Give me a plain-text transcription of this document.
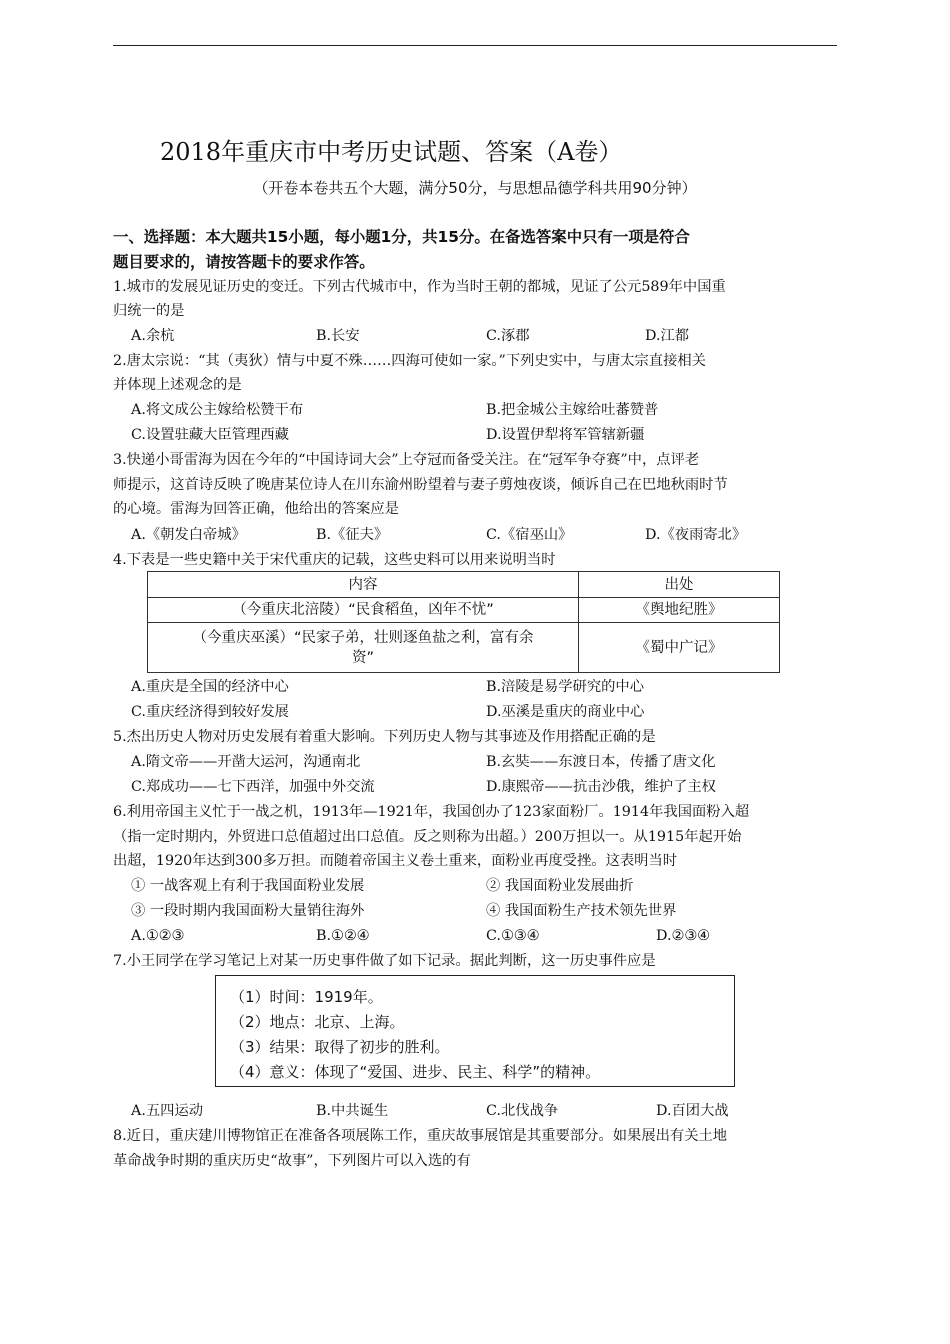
2018年重庆市中考历史试题、答案（A卷）
（开卷本卷共五个大题，满分50分，与思想品德学科共用90分钟）
一、选择题：本大题共15小题，每小题1分，共15分。在备选答案中只有一项是符合
题目要求的，请按答题卡的要求作答。
1.城市的发展见证历史的变迁。下列古代城市中，作为当时王朝的都城，见证了公元589年中国重
归统一的是
A.余杭	B.长安	C.涿郡	D.江都
2.唐太宗说：“其（夷狄）情与中夏不殊……四海可使如一家。”下列史实中，与唐太宗直接相关
并体现上述观念的是
A.将文成公主嫁给松赞干布	B.把金城公主嫁给吐蕃赞普
C.设置驻藏大臣管理西藏	D.设置伊犁将军管辖新疆
3.快递小哥雷海为因在今年的“中国诗词大会”上夺冠而备受关注。在“冠军争夺赛”中，点评老
师提示，这首诗反映了晚唐某位诗人在川东渝州盼望着与妻子剪烛夜谈，倾诉自己在巴地秋雨时节
的心境。雷海为回答正确，他给出的答案应是
A.《朝发白帝城》	B.《征夫》	C.《宿巫山》	D.《夜雨寄北》
4.下表是一些史籍中关于宋代重庆的记载，这些史料可以用来说明当时
内容	出处
（今重庆北涪陵）“民食稻鱼，凶年不忧”	《舆地纪胜》

（今重庆巫溪）“民家子弟，壮则逐鱼盐之利，富有余
资”	《蜀中广记》
A.重庆是全国的经济中心	B.涪陵是易学研究的中心
C.重庆经济得到较好发展	D.巫溪是重庆的商业中心
5.杰出历史人物对历史发展有着重大影响。下列历史人物与其事迹及作用搭配正确的是
A.隋文帝——开凿大运河，沟通南北	B.玄奘——东渡日本，传播了唐文化
C.郑成功——七下西洋，加强中外交流	D.康熙帝——抗击沙俄，维护了主权
6.利用帝国主义忙于一战之机，1913年—1921年，我国创办了123家面粉厂。1914年我国面粉入超
（指一定时期内，外贸进口总值超过出口总值。反之则称为出超。）200万担以一。从1915年起开始
出超，1920年达到300多万担。而随着帝国主义卷土重来，面粉业再度受挫。这表明当时
① 一战客观上有利于我国面粉业发展	② 我国面粉业发展曲折
③ 一段时期内我国面粉大量销往海外	④ 我国面粉生产技术领先世界
A.①②③	B.①②④	C.①③④	D.②③④
7.小王同学在学习笔记上对某一历史事件做了如下记录。据此判断，这一历史事件应是
（1）时间：1919年。
（2）地点：北京、上海。
（3）结果：取得了初步的胜利。
（4）意义：体现了“爱国、进步、民主、科学”的精神。
A.五四运动	B.中共诞生	C.北伐战争	D.百团大战
8.近日，重庆建川博物馆正在准备各项展陈工作，重庆故事展馆是其重要部分。如果展出有关土地
革命战争时期的重庆历史“故事”，下列图片可以入选的有
